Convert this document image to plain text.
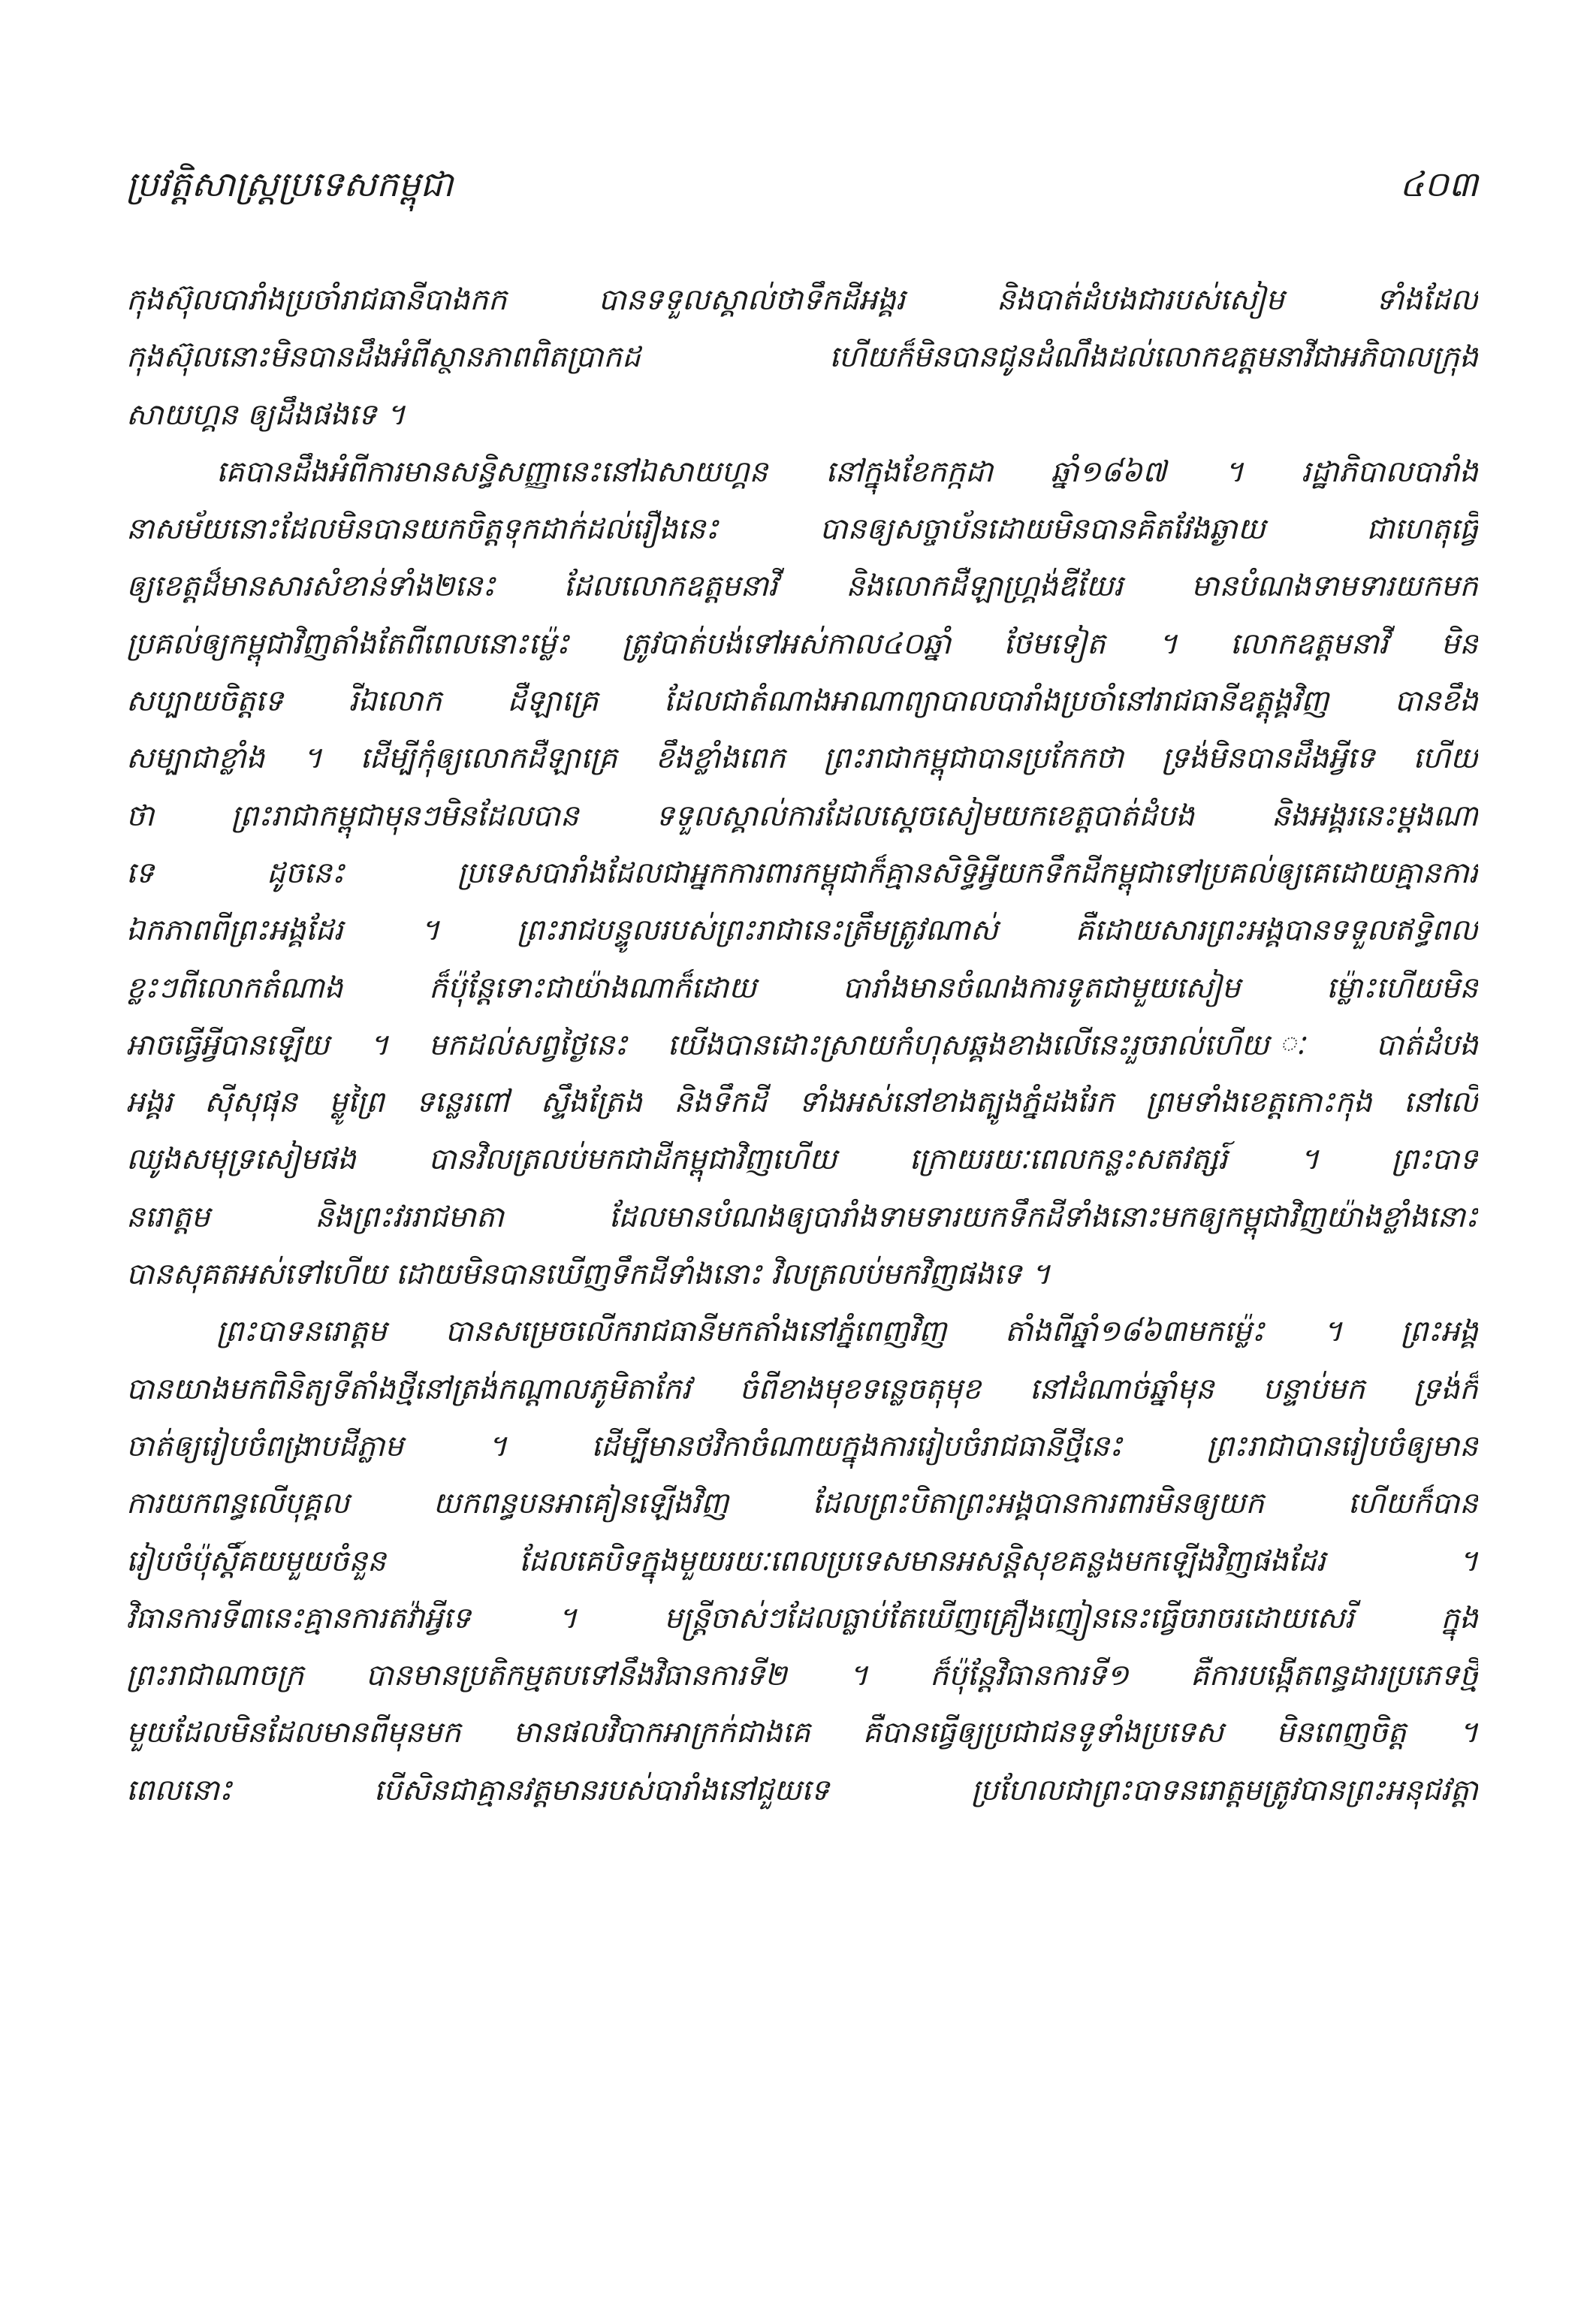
ប្រវត្តិសាស្ត្រប្រទេសកម្ពុជា	៤០៣
កុងស៊ុលបារាំងប្រចាំរាជធានីបាងកក បានទទួលស្គាល់ថាទឹកដីអង្គរ និងបាត់ដំបងជារបស់សៀម ទាំងដែល
កុងស៊ុលនោះមិនបានដឹងអំពីស្ថានភាពពិតប្រាកដ ហើយក៏មិនបានជូនដំណឹងដល់លោកឧត្តមនាវីជាអភិបាលក្រុង
សាយហ្គន ឲ្យដឹងផងទេ ។
គេបានដឹងអំពីការមានសន្ធិសញ្ញានេះនៅឯសាយហ្គន នៅក្នុងខែកក្កដា ឆ្នាំ១៨៦៧ ។ រដ្ឋាភិបាលបារាំង
នាសម័យនោះដែលមិនបានយកចិត្តទុកដាក់ដល់រឿងនេះ បានឲ្យសច្ចាប័នដោយមិនបានគិតវែងឆ្ងាយ ជាហេតុធ្វើ
ឲ្យខេត្តដ៏មានសារសំខាន់ទាំង២នេះ ដែលលោកឧត្តមនាវី និងលោកដឺឡាហ្គ្រង់ឌីយែរ មានបំណងទាមទារយកមក
ប្រគល់ឲ្យកម្ពុជាវិញតាំងតែពីពេលនោះម៉្លេះ ត្រូវបាត់បង់ទៅអស់កាល៤០ឆ្នាំ ថែមទៀត ។ លោកឧត្តមនាវី មិន
សប្បាយចិត្តទេ រីឯលោក ដឺឡាគ្រេ ដែលជាតំណាងអាណាព្យាបាលបារាំងប្រចាំនៅរាជធានីឧត្តុង្គវិញ បានខឹង
សម្បាជាខ្លាំង ។ ដើម្បីកុំឲ្យលោកដឺឡាគ្រេ ខឹងខ្លាំងពេក ព្រះរាជាកម្ពុជាបានប្រកែកថា ទ្រង់មិនបានដឹងអ្វីទេ ហើយ
ថា ព្រះរាជាកម្ពុជាមុនៗមិនដែលបាន ទទួលស្គាល់ការដែលស្តេចសៀមយកខេត្តបាត់ដំបង និងអង្គរនេះម្តងណា
ទេ ដូចនេះ ប្រទេសបារាំងដែលជាអ្នកការពារកម្ពុជាក៏គ្មានសិទ្ធិអ្វីយកទឹកដីកម្ពុជាទៅប្រគល់ឲ្យគេដោយគ្មានការ
ឯកភាពពីព្រះអង្គដែរ ។ ព្រះរាជបន្ទូលរបស់ព្រះរាជានេះត្រឹមត្រូវណាស់ គឺដោយសារព្រះអង្គបានទទួលឥទ្ធិពល
ខ្លះៗពីលោកតំណាង ក៏ប៉ុន្តែទោះជាយ៉ាងណាក៏ដោយ បារាំងមានចំណងការទូតជាមួយសៀម ម៉្លោះហើយមិន
អាចធ្វើអ្វីបានឡើយ ។ មកដល់សព្វថ្ងៃនេះ យើងបានដោះស្រាយកំហុសឆ្គងខាងលើនេះរួចរាល់ហើយ ៈ បាត់ដំបង
អង្គរ ស៊ីសុផុន ម្លូព្រៃ ទន្លេរពៅ ស្ទឹងត្រែង និងទឹកដី ទាំងអស់នៅខាងត្បូងភ្នំដងរែក ព្រមទាំងខេត្តកោះកុង នៅលើ
ឈូងសមុទ្រសៀមផង បានវិលត្រលប់មកជាដីកម្ពុជាវិញហើយ ក្រោយរយៈពេលកន្លះសតវត្សរ៍ ។ ព្រះបាទ
នរោត្តម និងព្រះវររាជមាតា ដែលមានបំណងឲ្យបារាំងទាមទារយកទឹកដីទាំងនោះមកឲ្យកម្ពុជាវិញយ៉ាងខ្លាំងនោះ
បានសុគតអស់ទៅហើយ ដោយមិនបានឃើញទឹកដីទាំងនោះ វិលត្រលប់មកវិញផងទេ ។
ព្រះបាទនរោត្តម បានសម្រេចលើករាជធានីមកតាំងនៅភ្នំពេញវិញ តាំងពីឆ្នាំ១៨៦៣មកម៉្លេះ ។ ព្រះអង្គ
បានយាងមកពិនិត្យទីតាំងថ្មីនៅត្រង់កណ្តាលភូមិតាកែវ ចំពីខាងមុខទន្លេចតុមុខ នៅដំណាច់ឆ្នាំមុន បន្ទាប់មក ទ្រង់ក៏
ចាត់ឲ្យរៀបចំពង្រាបដីភ្លាម ។ ដើម្បីមានថវិកាចំណាយក្នុងការរៀបចំរាជធានីថ្មីនេះ ព្រះរាជាបានរៀបចំឲ្យមាន
ការយកពន្ធលើបុគ្គល យកពន្ធបនអាគៀនឡើងវិញ ដែលព្រះបិតាព្រះអង្គបានការពារមិនឲ្យយក ហើយក៏បាន
រៀបចំប៉ុស្តិ៍គយមួយចំនួន ដែលគេបិទក្នុងមួយរយៈពេលប្រទេសមានអសន្តិសុខគន្លងមកឡើងវិញផងដែរ ។
វិធានការទី៣នេះគ្មានការតវ៉ាអ្វីទេ ។ មន្ត្រីចាស់ៗដែលធ្លាប់តែឃើញគ្រឿងញៀននេះធ្វើចរាចរដោយសេរី ក្នុង
ព្រះរាជាណាចក្រ បានមានប្រតិកម្មតបទៅនឹងវិធានការទី២ ។ ក៏ប៉ុន្តែវិធានការទី១ គឺការបង្កើតពន្ធដារប្រភេទថ្មី
មួយដែលមិនដែលមានពីមុនមក មានផលវិបាកអាក្រក់ជាងគេ គឺបានធ្វើឲ្យប្រជាជនទូទាំងប្រទេស មិនពេញចិត្ត ។
ពេលនោះ បើសិនជាគ្មានវត្តមានរបស់បារាំងនៅជួយទេ ប្រហែលជាព្រះបាទនរោត្តមត្រូវបានព្រះអនុជវត្តា
